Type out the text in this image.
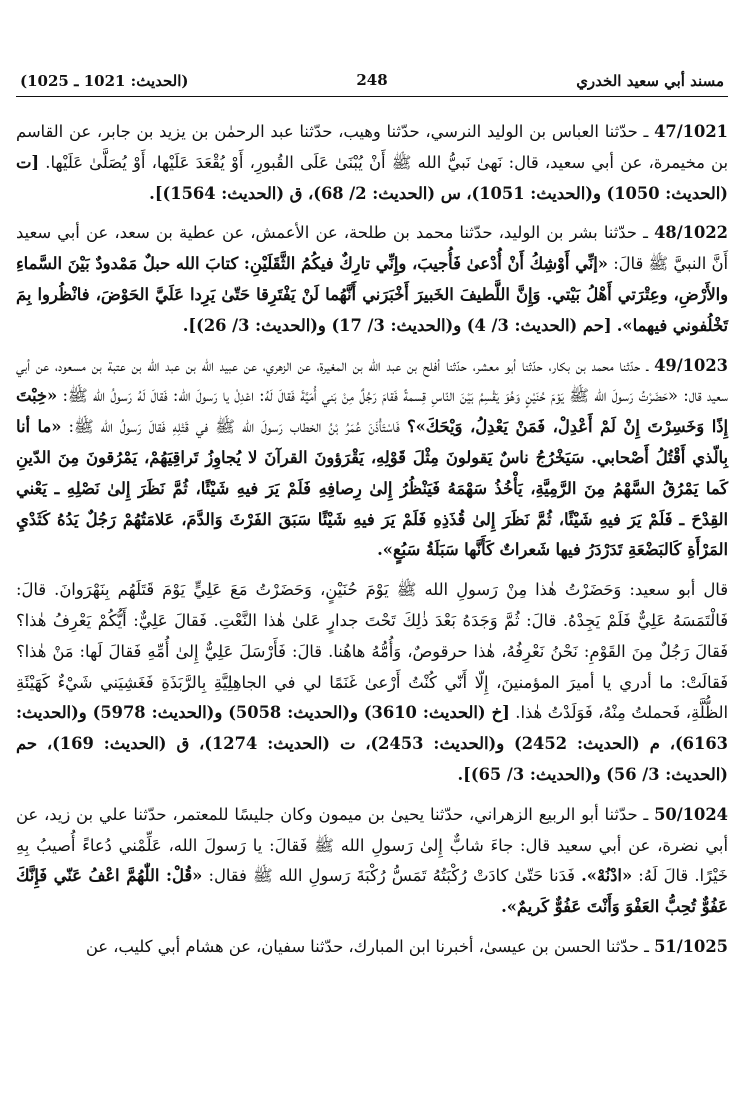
مسند أبي سعيد الخدري
248
(الحديث: 1021 ـ 1025)

47/1021 ـ حدّثنا العباس بن الوليد النرسي، حدّثنا وهيب، حدّثنا عبد الرحمٰن بن يزيد بن جابر، عن القاسم بن مخيمرة، عن أبي سعيد، قال: نَهىٰ نَبيُّ الله ﷺ أَنْ يُبْنَىٰ عَلَى القُبورِ، أَوْ يُقْعَدَ عَلَيْها، أَوْ يُصَلَّىٰ عَلَيْها. [ت (الحديث: 1050) و(الحديث: 1051)، س (الحديث: 2/ 68)، ق (الحديث: 1564)].

48/1022 ـ حدّثنا بشر بن الوليد، حدّثنا محمد بن طلحة، عن الأعمش، عن عطية بن سعد، عن أبي سعيد أَنَّ النبيَّ ﷺ قالَ: «إنِّي أَوْشِكُ أَنْ أُدْعىٰ فَأُجيبَ، وإِنِّي تارِكٌ فيكُمُ الثَّقَلَيْنِ: كتابَ الله حبلٌ مَمْدودٌ بَيْنَ السَّماءِ والأَرْضِ، وعِتْرَتي أَهْلُ بَيْتي. وَإِنَّ اللَّطيفَ الخَبيرَ أَخْبَرَني أَنَّهُما لَنْ يَفْتَرِقا حَتّىٰ يَرِدا عَلَيَّ الحَوْضَ، فانْظُروا بِمَ تَخْلُفوني فيهما». [حم (الحديث: 3/ 4) و(الحديث: 3/ 17) و(الحديث: 3/ 26)].

49/1023 ـ حدّثنا محمد بن بكار، حدّثنا أبو معشر، حدّثنا أفلح بن عبد الله بن المغيرة، عن الزهري، عن عبيد الله بن عبد الله بن عتبة بن مسعود، عن أبي سعيد قال: «حَضَرْتُ رَسولَ الله ﷺ يَوْمَ حُنَيْنٍ وَهُوَ يَقْسِمُ بَيْنَ النّاسِ قِسمةً فَقامَ رَجُلٌ مِنْ بَني أُمَيَّةَ فَقالَ لَهُ: اعْدِلْ يا رَسولَ الله: فَقالَ لَهُ رَسولُ الله ﷺ: «خِبْتَ إِذًا وَخَسِرْتَ إِنْ لَمْ أَعْدِلْ، فَمَنْ يَعْدِلُ، وَيْحَكَ»؟ فَاسْتَأْذَنَ عُمَرُ بْنُ الخطاب رَسولَ الله ﷺ في قَتْلِهِ فَقالَ رَسولُ الله ﷺ: «ما أنا بِالّذي أَقْتُلُ أَصْحابي. سَيَخْرُجُ ناسٌ يَقولونَ مِثْلَ قَوْلِهِ، يَقْرَؤونَ القرآنَ لا يُجاوِزُ تَراقِيَهُمْ، يَمْرُقونَ مِنَ الدّينِ كَما يَمْرُقُ السَّهْمُ مِنَ الرَّمِيَّةِ، يَأْخُذُ سَهْمَهُ فَيَنْظُرُ إِلىٰ رِصافِهِ فَلَمْ يَرَ فيهِ شَيْئًا، ثُمَّ نَظَرَ إِلىٰ نَصْلِهِ ـ يَعْني القِدْحَ ـ فَلَمْ يَرَ فيهِ شَيْئًا، ثُمَّ نَظَرَ إِلىٰ قُذَذِهِ فَلَمْ يَرَ فيهِ شَيْئًا سَبَقَ الفَرْثَ وَالدَّمَ، عَلامَتُهُمْ رَجُلٌ يَدُهُ كَثَدْيِ المَرْأَةِ كَالبَضْعَةِ تَدَرْدَرُ فيها شَعراتٌ كَأَنَّها سَبَلَةُ سَبُعٍ».

قال أبو سعيد: وَحَضَرْتُ هٰذا مِنْ رَسولِ الله ﷺ يَوْمَ حُنَيْنٍ، وَحَضَرْتُ مَعَ عَلِيٍّ يَوْمَ قَتَلَهُم بِنَهْرَوانَ. قالَ: فَالْتَمَسَهُ عَلِيٌّ فَلَمْ يَجِدْهُ. قالَ: ثُمَّ وَجَدَهُ بَعْدَ ذٰلِكَ تَحْتَ جدارٍ عَلىٰ هٰذا النَّعْتِ. فَقالَ عَلِيٌّ: أَيُّكُمْ يَعْرِفُ هٰذا؟ فَقالَ رَجُلٌ مِنَ القَوْمِ: نَحْنُ نَعْرِفُهُ، هٰذا حرقوصٌ، وَأُمُّهُ هاهُنا. قالَ: فَأَرْسَلَ عَلِيٌّ إِلىٰ أُمِّهِ فَقالَ لَها: مَنْ هٰذا؟ فَقالَتْ: ما أدري يا أميرَ المؤمنينَ، إِلّا أَنّي كُنْتُ أَرْعىٰ غَنَمًا لي في الجاهِلِيَّةِ بِالرَّبَذَةِ فَغَشِيَني شَيْءٌ كَهَيْئَةِ الظُّلَّةِ، فَحملتُ مِنْهُ، فَوَلَدْتُ هٰذا. [خ (الحديث: 3610) و(الحديث: 5058) و(الحديث: 5978) و(الحديث: 6163)، م (الحديث: 2452) و(الحديث: 2453)، ت (الحديث: 1274)، ق (الحديث: 169)، حم (الحديث: 3/ 56) و(الحديث: 3/ 65)].

50/1024 ـ حدّثنا أبو الربيع الزهراني، حدّثنا يحيىٰ بن ميمون وكان جليسًا للمعتمر، حدّثنا علي بن زيد، عن أبي نضرة، عن أبي سعيد قال: جاءَ شابٌّ إِلىٰ رَسولِ الله ﷺ فَقالَ: يا رَسولَ الله، عَلِّمْني دُعاءً أُصيبُ بِهِ خَيْرًا. قالَ لَهُ: «ادْنُهْ». فَدَنا حَتّىٰ كادَتْ رُكْبَتُهُ تَمَسُّ رُكْبَةَ رَسولِ الله ﷺ فقال: «قُلْ: اللّٰهُمَّ اعْفُ عَنّي فَإِنَّكَ عَفُوٌّ تُحِبُّ العَفْوَ وَأَنْتَ عَفُوٌّ كَريمٌ».

51/1025 ـ حدّثنا الحسن بن عيسىٰ، أخبرنا ابن المبارك، حدّثنا سفيان، عن هشام أبي كليب، عن
